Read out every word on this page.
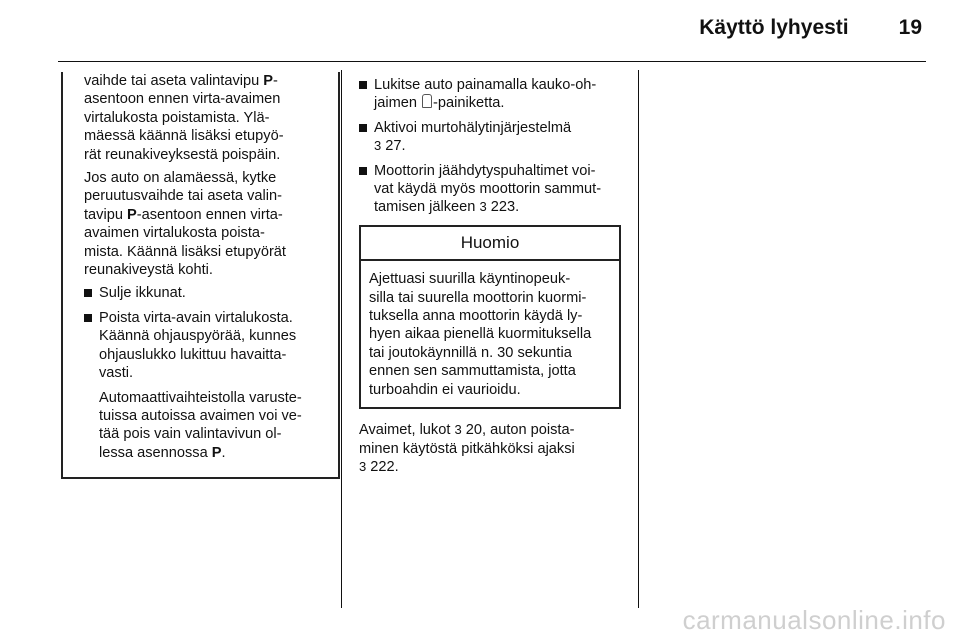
Käyttö lyhyesti 19

vaihde tai aseta valintavipu P-
asentoon ennen virta-avaimen
virtalukosta poistamista. Ylä-
mäessä käännä lisäksi etupyö-
rät reunakiveyksestä poispäin.

Jos auto on alamäessä, kytke
peruutusvaihde tai aseta valin-
tavipu P-asentoon ennen virta-
avaimen virtalukosta poista-
mista. Käännä lisäksi etupyörät
reunakiveystä kohti.

Sulje ikkunat.
Poista virta-avain virtalukosta.
Käännä ohjauspyörää, kunnes
ohjauslukko lukittuu havaitta-
vasti.

Automaattivaihteistolla varuste-
tuissa autoissa avaimen voi ve-
tää pois vain valintavivun ol-
lessa asennossa P.

Lukitse auto painamalla kauko-oh-
jaimen -painiketta.
Aktivoi murtohälytinjärjestelmä
3 27.
Moottorin jäähdytyspuhaltimet voi-
vat käydä myös moottorin sammut-
tamisen jälkeen 3 223.
Huomio
Ajettuasi suurilla käyntinopeuk-
silla tai suurella moottorin kuormi-
tuksella anna moottorin käydä ly-
hyen aikaa pienellä kuormituksella
tai joutokäynnillä n. 30 sekuntia
ennen sen sammuttamista, jotta
turboahdin ei vaurioidu.

Avaimet, lukot 3 20, auton poista-
minen käytöstä pitkähköksi ajaksi
3 222.

carmanualsonline.info
